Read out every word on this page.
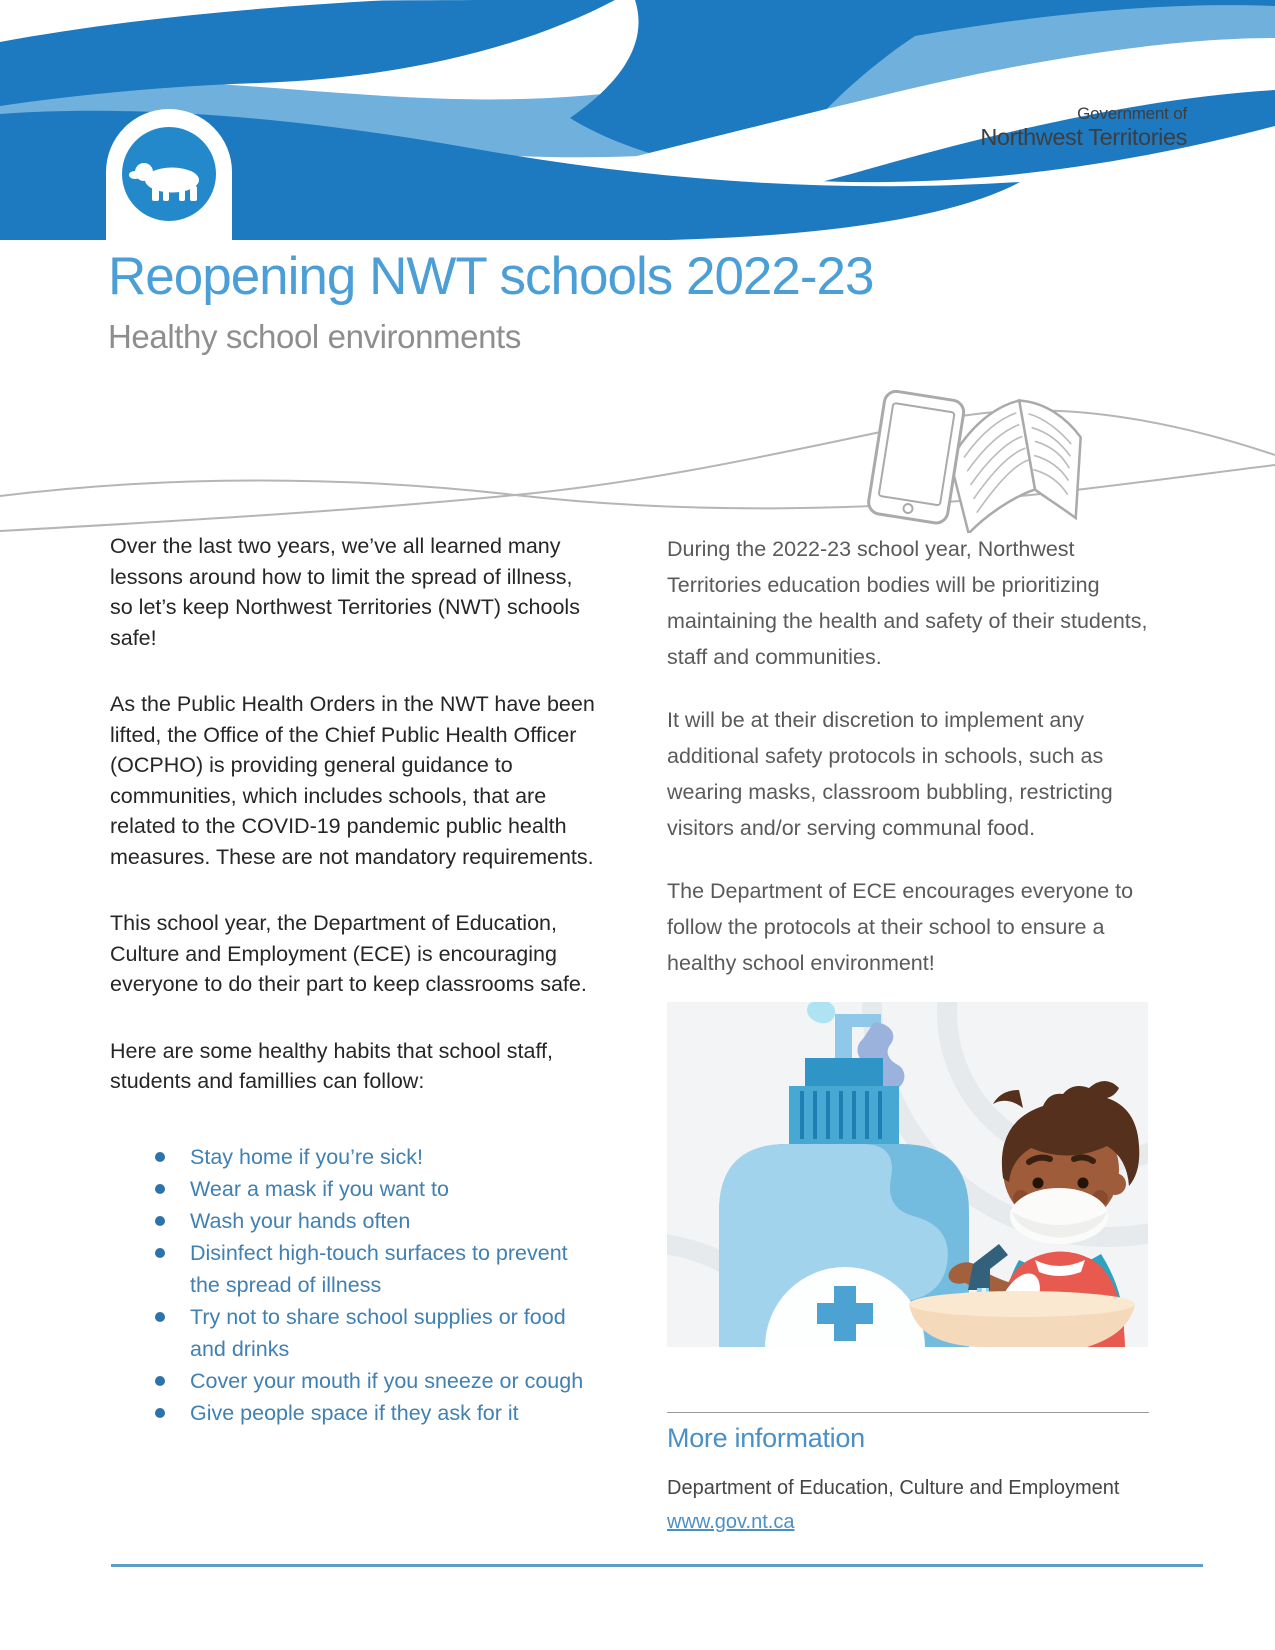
Government of
Northwest Territories
Reopening NWT schools 2022-23
Healthy school environments

Over the last two years, we’ve all learned many lessons around how to limit the spread of illness, so let’s keep Northwest Territories (NWT) schools safe!

As the Public Health Orders in the NWT have been lifted, the Office of the Chief Public Health Officer (OCPHO) is providing general guidance to communities, which includes schools, that are related to the COVID-19 pandemic public health measures. These are not mandatory requirements.

This school year, the Department of Education, Culture and Employment (ECE) is encouraging everyone to do their part to keep classrooms safe.

Here are some healthy habits that school staff, students and famillies can follow:

Stay home if you’re sick!
Wear a mask if you want to
Wash your hands often
Disinfect high-touch surfaces to prevent the spread of illness
Try not to share school supplies or food and drinks
Cover your mouth if you sneeze or cough
Give people space if they ask for it

During the 2022-23 school year, Northwest Territories education bodies will be prioritizing maintaining the health and safety of their students, staff and communities.

It will be at their discretion to implement any additional safety protocols in schools, such as wearing masks, classroom bubbling, restricting visitors and/or serving communal food.

The Department of ECE encourages everyone to follow the protocols at their school to ensure a healthy school environment!

More information
Department of Education, Culture and Employment
www.gov.nt.ca
